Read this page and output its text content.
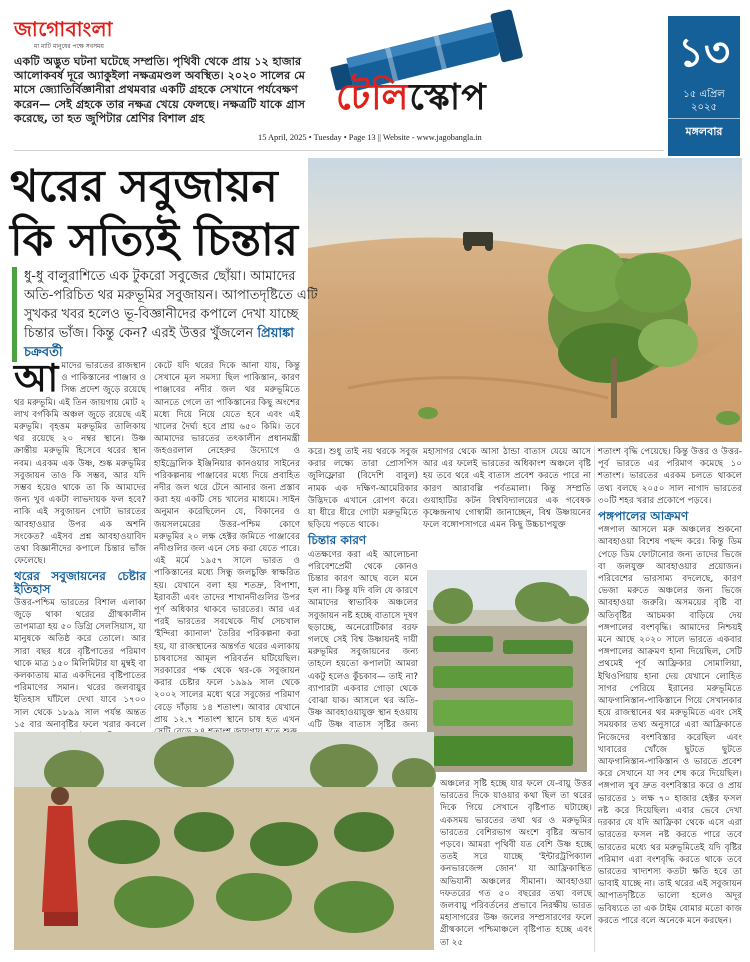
জাগোবাংলা
মা মাটি মানুষের পক্ষে সবসময়
একটি অদ্ভুত ঘটনা ঘটেছে সম্প্রতি। পৃথিবী থেকে প্রায় ১২ হাজার আলোকবর্ষ দূরে অ্যাকুইলা নক্ষত্রমণ্ডল অবস্থিত। ২০২০ সালের মে মাসে জ্যোতির্বিজ্ঞানীরা প্রথমবার একটি গ্রহকে সেখানে পর্যবেক্ষণ করেন— সেই গ্রহকে তার নক্ষত্র খেয়ে ফেলছে। নক্ষত্রটি যাকে গ্রাস করেছে, তা হত জুপিটার শ্রেণির বিশাল গ্রহ
টেলিস্কোপ
15 April, 2025 • Tuesday • Page 13 || Website - www.jagobangla.in
১৩
১৫ এপ্রিল ২০২৫
মঙ্গলবার
থরের সবুজায়ন
কি সত্যিই চিন্তার
ধু-ধু বালুরাশিতে এক টুকরো সবুজের ছোঁয়া। আমাদের অতি-পরিচিত থর মরুভূমির সবুজায়ন। আপাতদৃষ্টিতে এটি সুখকর খবর হলেও ভূ-বিজ্ঞানীদের কপালে দেখা যাচ্ছে চিন্তার ভাঁজ। কিন্তু কেন? এরই উত্তর খুঁজলেন প্রিয়াঙ্কা চক্রবর্তী
আ মাদের ভারতের রাজস্থান ও পাকিস্তানের পাঞ্জাব ও সিন্ধ প্রদেশ জুড়ে রয়েছে থর মরুভূমি। এই তিন জায়গায় মোট ২ লাখ বর্গকিমি অঞ্চল জুড়ে রয়েছে এই মরুভূমি। বৃহত্তম মরুভূমির তালিকায় থর রয়েছে ২০ নম্বর স্থানে। উষ্ণ ক্রান্তীয় মরুভূমি হিসেবে থরের স্থান নবম। এরকম এক উষ্ণ, শুষ্ক মরুভূমির সবুজায়ন তাও কি সম্ভব, আর যদি সম্ভব হয়েও থাকে তা কি আমাদের জন্য খুব একটা লাভদায়ক ফল হবে? নাকি এই সবুজায়ন গোটা ভারতের আবহাওয়ার উপর এক অশনি সংকেত? এইসব প্রশ্ন আবহাওয়াবিদ তথা বিজ্ঞানীদের কপালে চিন্তার ভাঁজ ফেলেছে।
থরের সবুজায়নের চেষ্টার ইতিহাস
উত্তর-পশ্চিম ভারতের বিশাল এলাকা জুড়ে থাকা থরের গ্রীষ্মকালীন তাপমাত্রা হয় ৫০ ডিগ্রি সেলসিয়াস, যা মানুষকে অতিষ্ঠ করে তোলে। আর সারা বছর ধরে বৃষ্টিপাতের পরিমাণ থাকে মাত্র ১৫০ মিলিমিটার যা মুম্বই বা কলকাতায় মাত্র একদিনের বৃষ্টিপাতের পরিমাণের সমান। থরের জলবায়ুর ইতিহাস ঘাঁটলে দেখা যাবে ১৭০০ সাল থেকে ১৮৯৯ সাল পর্যন্ত অন্তত ১৫ বার অনাবৃষ্টির ফলে খরার কবলে
কেটে যদি থরের দিকে আনা যায়, কিন্তু সেখানে মূল সমস্যা ছিল পাকিস্তান, কারণ পাঞ্জাবের নদীর জল থর মরুভূমিতে আনতে গেলে তা পাকিস্তানের কিছু অংশের মধ্যে দিয়ে নিয়ে যেতে হবে এবং এই খালের দৈর্ঘ্য হবে প্রায় ৬৫০ কিমি। তবে আমাদের ভারতের তৎকালীন প্রধানমন্ত্রী জহওরলাল নেহেরুর উদ্যোগে ও হাইড্রোলিক ইঞ্জিনিয়ার কানওয়ার সাইনের পরিকল্পনায় পাঞ্জাবের মধ্যে দিয়ে প্রবাহিত নদীর জল থরে টেনে আনার জন্য প্রস্তাব করা হয় একটি সেচ খালের মাধ্যমে। সাইন অনুমান করেছিলেন যে, বিকানের ও জয়সলমেরের উত্তর-পশ্চিম কোণে মরুভূমির ২০ লক্ষ হেক্টর জমিতে পাঞ্জাবের নদীগুলির জল এনে সেচ করা যেতে পারে। এই মর্মে ১৯৫৭ সালে ভারত ও পাকিস্তানের মধ্যে সিন্ধু জলচুক্তি স্বাক্ষরিত হয়। যেখানে বলা হয় শতদ্রু, বিপাশা, ইরাবতী এবং তাদের শাখানদীগুলির উপর পূর্ণ অধিকার থাকবে ভারতের। আর এর পরই ভারতের সবথেকে দীর্ঘ সেচখাল 'ইন্দিরা ক্যানাল' তৈরির পরিকল্পনা করা হয়, যা রাজস্থানের অন্তর্গত থরের এলাকায় চাষবাসের আমূল পরিবর্তন ঘটিয়েছিল। সরকারের পক্ষ থেকে থর-কে সবুজায়ন করার চেষ্টার ফলে ১৯৯৯ সাল থেকে ২০০২ সালের মধ্যে থরে সবুজের পরিমাণ বেড়ে দাঁড়ায় ১৪ শতাংশ। আবার যেখানে প্রায় ১২.৭ শতাংশ স্থানে চাষ হত এখন
করে। শুধু তাই নয় থরকে সবুজ করার লক্ষ্যে তারা প্রোসপিস জুলিফ্লোরা (বিদেশি বাবুল) নামক এক দক্ষিণ-আমেরিকার উদ্ভিদকে এখানে রোপণ করে। যা ধীরে ধীরে গোটা মরুভূমিতে ছড়িয়ে পড়তে থাকে।
চিন্তার কারণ
এতক্ষণের করা এই আলোচনা পরিবেশপ্রেমী থেকে কোনও চিন্তার কারণ আছে বলে মনে হল না। কিন্তু যদি বলি যে কারণে আমাদের স্বাভাবিক অঞ্চলের সবুজায়ন নষ্ট হচ্ছে বাতাসে দূষণ ছড়াচ্ছে, অনেরোটিকার বরফ গলছে সেই বিশ্ব উষ্ণায়নই দায়ী মরুভূমির সবুজায়নের জন্য তাহলে হয়তো কপালটা আমরা একটু হলেও কুঁচকাব— তাই না? ব্যাপারটা একবার গোড়া থেকে বোঝা যাক। আসলে থর অতি-উষ্ণ আবহাওয়াযুক্ত স্থান হওয়ায় এটি উষ্ণ বাতাস সৃষ্টির জন্য
মহাসাগর থেকে আসা ঠান্ডা বাতাস যেয়ে আসে আর এর ফলেই ভারতের অধিকাংশ অঞ্চলে বৃষ্টি হয় তবে থরে এই বাতাস প্রবেশ করতে পারে না কারণ আরাবল্লি পর্বতমালা। কিন্তু সম্প্রতি গুয়াহাটির কটন বিশ্ববিদ্যালয়ের এক গবেষক কৃষ্ণেন্দ্রনাথ গোস্বামী জানাচ্ছেন, বিশ্ব উষ্ণায়নের ফলে বঙ্গোপসাগরে এমন কিছু উচ্চচাপযুক্ত
অঞ্চলের সৃষ্টি হচ্ছে যার ফলে যে-বায়ু উত্তর ভারতের দিকে যাওয়ার কথা ছিল তা থরের দিকে গিয়ে সেখানে বৃষ্টিপাত ঘটাচ্ছে। একসময় ভারতের তথা থর ও মরুভূমির ভারতের বেশিরভাগ অংশে বৃষ্টির অভাব পড়বে। আমরা পৃথিবী যত বেশি উষ্ণ হচ্ছে ততই সরে যাচ্ছে 'ইন্টারট্রপিক্যাল কনভারজেন্স জোন' যা আফ্রিকাস্থিত অভিযানী অঞ্চলের সীমানা। আবহাওয়া দফতরের গত ৫০ বছরের তথ্য বলছে জলবায়ু পরিবর্তনের প্রভাবে নিরক্ষীয় ভারত মহাসাগরের উষ্ণ জলের সম্প্রসারণের ফলে গ্রীষ্মকালে পশ্চিমাঞ্চলে বৃষ্টিপাত হচ্ছে এবং তা ২৫
শতাংশ বৃদ্ধি পেয়েছে। কিন্তু উত্তর ও উত্তর-পূর্ব ভারতে এর পরিমাণ কমেছে ১০ শতাংশ। ভারতের এরকম চলতে থাকলে তথ্য বলছে ২০৫০ সাল নাগাদ ভারতের ৩০টি শহর খরার প্রকোপে পড়বে।
পঙ্গপালের আক্রমণ
পঙ্গপাল আসলে মরু অঞ্চলের শুকনো আবহাওয়া বিশেষ পছন্দ করে। কিন্তু ডিম পেড়ে ডিম ফোটানোর জন্য তাদের ভিজে বা জলযুক্ত আবহাওয়ার প্রয়োজন। পরিবেশের ভারসাম্য বদলেছে, কারণ ভেজা মরুতে অঞ্চলের জন্য ভিজে আবহাওয়া জরুরি। অসময়ের বৃষ্টি বা অতিবৃষ্টির আচমকা বাড়িয়ে দেয় পঙ্গপালের বংশবৃদ্ধি। আমাদের নিশ্চয়ই মনে আছে ২০২০ সালে ভারতে একবার পঙ্গপালের আক্রমণ হানা দিয়েছিল, সেটি প্রথমেই পূর্ব আফ্রিকার সোমালিয়া, ইথিওপিয়ায় হানা দেয় যেখানে লোহিত সাগর পেরিয়ে ইরানের মরুভূমিতে আফগানিস্তান-পাকিস্তানে গিয়ে সেখানকার হয়ে রাজস্থানের থর মরুভূমিতে এবং সেই সময়কার তথ্য অনুসারে এরা আফ্রিকাতে নিজেদের বংশবিস্তার করেছিল এবং খাবারের খোঁজে ছুটতে ছুটতে আফগানিস্তান-পাকিস্তান ও ভারতে প্রবেশ করে সেখানে যা সব শেষ করে দিয়েছিল। পঙ্গপাল খুব দ্রুত বংশবিস্তার করে ও প্রায় ভারতের ১ লক্ষ ৭০ হাজার হেক্টর ফসল নষ্ট করে দিয়েছিল। এবার ভেবে দেখা দরকার যে যদি আফ্রিকা থেকে এসে এরা ভারতের ফসল নষ্ট করতে পারে তবে ভারতের মধ্যে থর মরুভূমিতেই যদি বৃষ্টির পরিমাণ এরা বংশবৃদ্ধি করতে থাকে তবে ভারতের খাদ্যশস্য কতটা ক্ষতি হবে তা ভাবাই যাচ্ছে না। তাই থরের এই সবুজায়ন আপাতদৃষ্টিতে ভালো হলেও অদূর ভবিষ্যতে তা এক টাইম বোমার মতো কাজ করতে পারে বলে অনেকে মনে করছেন।
